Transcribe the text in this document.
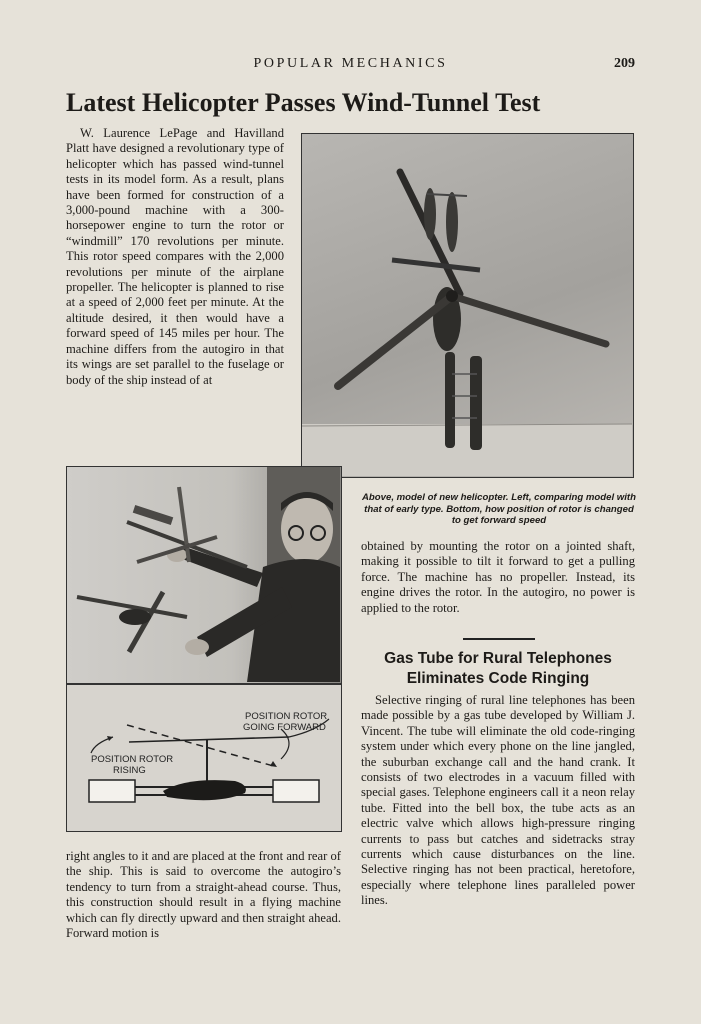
POPULAR MECHANICS	209
Latest Helicopter Passes Wind-Tunnel Test

W. Laurence LePage and Havilland Platt have designed a revolutionary type of helicopter which has passed wind-tunnel tests in its model form. As a result, plans have been formed for construction of a 3,000-pound machine with a 300-horsepower engine to turn the rotor or “windmill” 170 revolutions per minute. This rotor speed compares with the 2,000 revolutions per minute of the airplane propeller. The helicopter is planned to rise at a speed of 2,000 feet per minute. At the altitude desired, it then would have a forward speed of 145 miles per hour. The machine differs from the autogiro in that its wings are set parallel to the fuselage or body of the ship instead of at

Above, model of new helicopter. Left, comparing model with that of early type. Bottom, how position of rotor is changed to get forward speed

POSITION ROTOR
GOING FORWARD
POSITION ROTOR
RISING

right angles to it and are placed at the front and rear of the ship. This is said to overcome the autogiro’s tendency to turn from a straight-ahead course. Thus, this construction should result in a flying machine which can fly directly upward and then straight ahead. Forward motion is

obtained by mounting the rotor on a jointed shaft, making it possible to tilt it forward to get a pulling force. The machine has no propeller. Instead, its engine drives the rotor. In the autogiro, no power is applied to the rotor.

Gas Tube for Rural Telephones
Eliminates Code Ringing

Selective ringing of rural line telephones has been made possible by a gas tube developed by William J. Vincent. The tube will eliminate the old code-ringing system under which every phone on the line jangled, the suburban exchange call and the hand crank. It consists of two electrodes in a vacuum filled with special gases. Telephone engineers call it a neon relay tube. Fitted into the bell box, the tube acts as an electric valve which allows high-pressure ringing currents to pass but catches and sidetracks stray currents which cause disturbances on the line. Selective ringing has not been practical, heretofore, especially where telephone lines paralleled power lines.
